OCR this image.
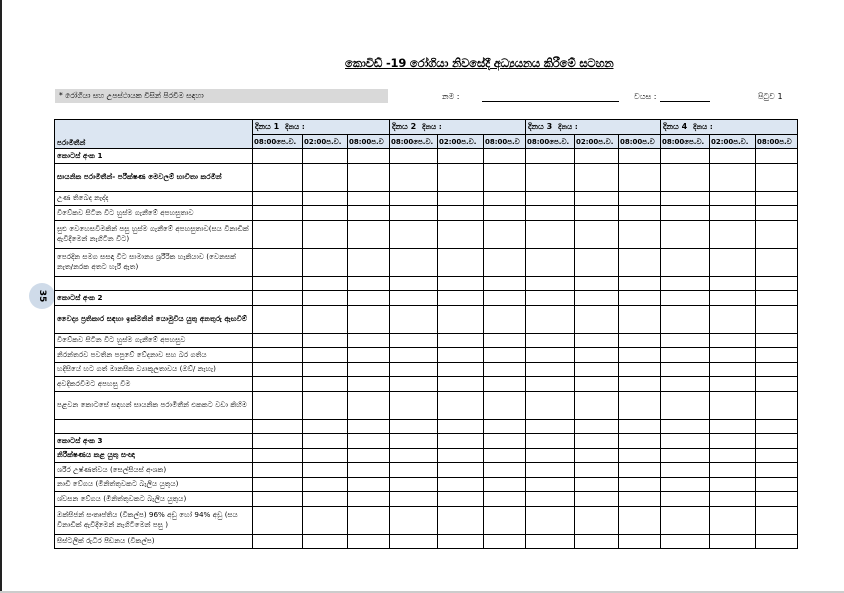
කොවිඩ් -19 රෝගියා නිවසේදී අධ්‍යයනය කිරීමේ සටහන
* රෝගියා සහ උපස්ථායක විසින් පිරවීම සඳහා	නම :	වයස :	පිටුව 1
35
පරාමිතීන්	දිනය 1 දිනය :			දිනය 2 දිනය :			දිනය 3 දිනය :			දිනය 4 දිනය :		

	08:00පෙ.ව.	02:00ප.ව.	08:00ප.ව	08:00පෙ.ව.	02:00ප.ව.	08:00ප.ව	08:00පෙ.ව.	02:00ප.ව.	08:00ප.ව	08:00පෙ.ව.	02:00ප.ව.	08:00ප.ව
කොටස් අංක 1												
සායනික පරාමිතීන්- පරීක්ෂණ මෙවලම් භාවිතා කරමින්												
උණ තිබෙද නැද්ද												
විවේකව සිටින විට හුස්ම ගැනීමේ අපහසුතාව												
සුළු වෙහෙසවීමකින් පසු හුස්ම ගැනීමේ අපහසුතාව(සය විනාඩික් ඇවිදීමෙන් නැගිටින විට)												
පෙරදින සමග සසඳා විට සාමාන්‍ය ශ්‍රරීරික හැකියාව (වෙනසක් නැත/නරක අතට හැරී ඇත)												

කොටස් අංක 2												
වෛද්‍ය ප්‍රතිකාර සඳහා ඉක්මනින් යොමුවිය යුතු අනතුරු ඇඟවීම්												
විවේකව සිටින විට හුස්ම ගැනීමේ අපහසුව												
නිරන්තරව පවතින පපුවේ වේදනාව සහ බර ගතිය												
හදිසියේ හට ගත් මානසික ව්‍යාකූලතාවය (ඔව්/ නැහැ)												
අවදිකරවීමට අපහසු වීම												
පළවන කොටසේ සඳහන් සායනික පරාමිතීන් එකකට වඩා කිහිම												

කොටස් අංක 3												
නිරීක්ෂණය කළ යුතු සංඥා												
ශරීර උෂ්ණත්වය (සෙල්සියස් අංශක)												
නාඩි වේගය (මිනිත්තුවකට බැලිය යුතුය)												
ශ්වසන වේගය (මිනිත්තුවකට බැලිය යුතුය)												
ඔක්සිජන් සංතෘප්තිය (විකල්ප) 96% අඩු හෝ 94% අඩු (සය විනාඩික් ඇවිදීමෙන් නැගිටීමෙන් පසු )												
සිස්ටලික් රුධිර පීඩනය (විකල්ප)												
